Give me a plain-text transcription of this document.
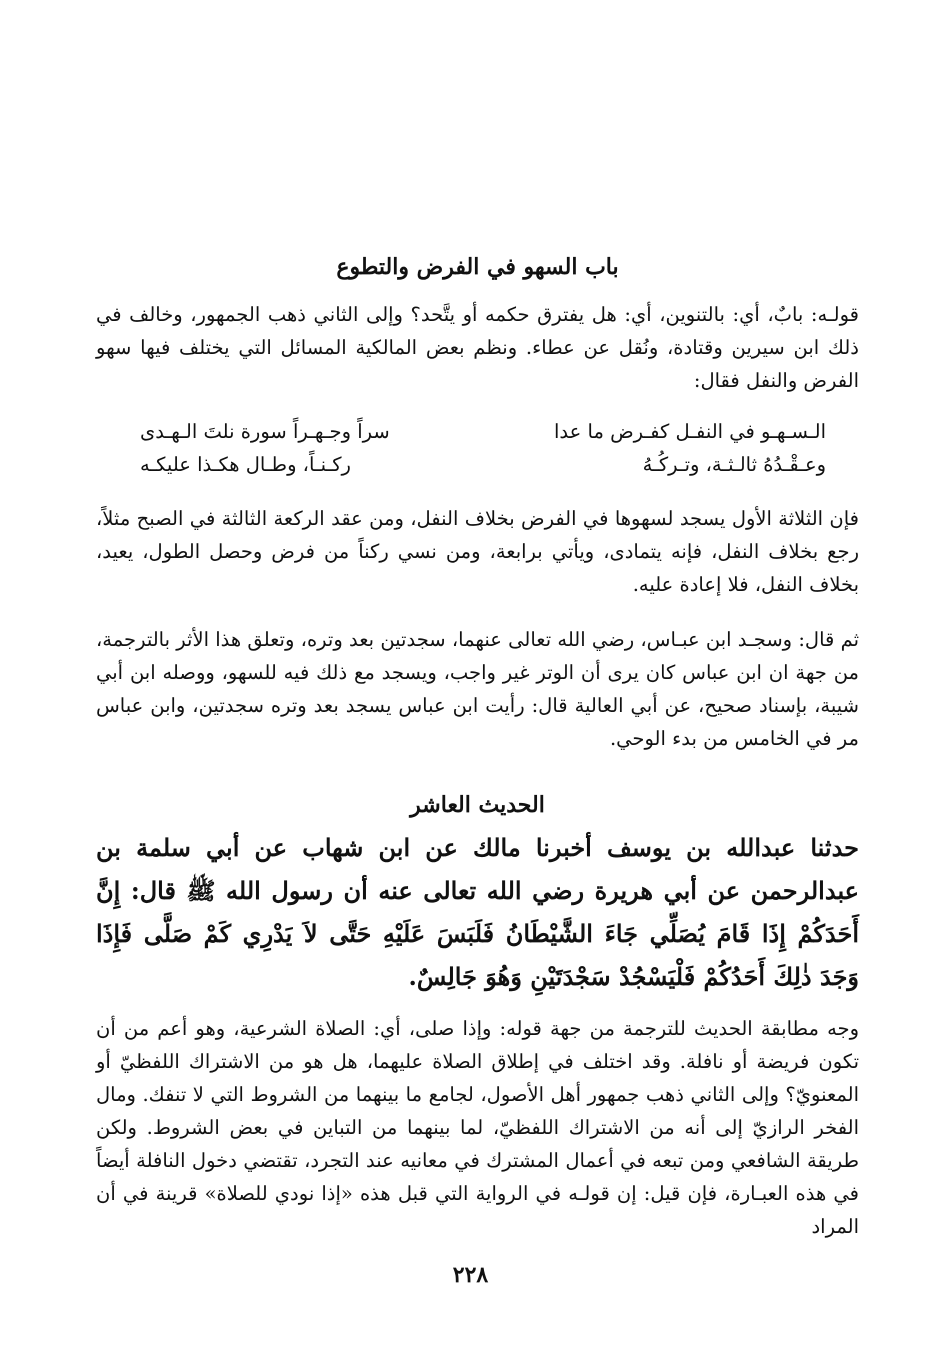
باب السهو في الفرض والتطوع

قولـه: بابٌ، أي: بالتنوين، أي: هل يفترق حكمه أو يتَّحد؟ وإلى الثاني ذهب الجمهور، وخالف في ذلك ابن سيرين وقتادة، ونُقل عن عطاء. ونظم بعض المالكية المسائل التي يختلف فيها سهو الفرض والنفل فقال:

الـسـهـو في النفـل كفـرض ما عدا
سراً وجـهـراً سورة نلتَ الـهـدى
وعـقْـدُهُ ثالـثـة، وتـركُـهُ
ركـنـاً، وطـال هكـذا عليكـه

فإن الثلاثة الأول يسجد لسهوها في الفرض بخلاف النفل، ومن عقد الركعة الثالثة في الصبح مثلاً، رجع بخلاف النفل، فإنه يتمادى، ويأتي برابعة، ومن نسي ركناً من فرض وحصل الطول، يعيد، بخلاف النفل، فلا إعادة عليه.

ثم قال: وسجـد ابن عبـاس، رضي الله تعالى عنهما، سجدتين بعد وتره، وتعلق هذا الأثر بالترجمة، من جهة ان ابن عباس كان يرى أن الوتر غير واجب، ويسجد مع ذلك فيه للسهو، ووصله ابن أبي شيبة، بإسناد صحيح، عن أبي العالية قال: رأيت ابن عباس يسجد بعد وتره سجدتين، وابن عباس مر في الخامس من بدء الوحي.

الحديث العاشر

حدثنا عبدالله بن يوسف أخبرنا مالك عن ابن شهاب عن أبي سلمة بن عبدالرحمن عن أبي هريرة رضي الله تعالى عنه أن رسول الله ﷺ قال: إِنَّ أَحَدَكُمْ إِذَا قَامَ يُصَلِّي جَاءَ الشَّيْطَانُ فَلَبَسَ عَلَيْهِ حَتَّى لاَ يَدْرِي كَمْ صَلَّى فَإِذَا وَجَدَ ذٰلِكَ أَحَدُكُمْ فَلْيَسْجُدْ سَجْدَتَيْنِ وَهُوَ جَالِسٌ.

وجه مطابقة الحديث للترجمة من جهة قوله: وإذا صلى، أي: الصلاة الشرعية، وهو أعم من أن تكون فريضة أو نافلة. وقد اختلف في إطلاق الصلاة عليهما، هل هو من الاشتراك اللفظيّ أو المعنويّ؟ وإلى الثاني ذهب جمهور أهل الأصول، لجامع ما بينهما من الشروط التي لا تنفك. ومال الفخر الرازيّ إلى أنه من الاشتراك اللفظيّ، لما بينهما من التباين في بعض الشروط. ولكن طريقة الشافعي ومن تبعه في أعمال المشترك في معانيه عند التجرد، تقتضي دخول النافلة أيضاً في هذه العبـارة، فإن قيل: إن قولـه في الرواية التي قبل هذه «إذا نودي للصلاة» قرينة في أن المراد

٢٢٨
